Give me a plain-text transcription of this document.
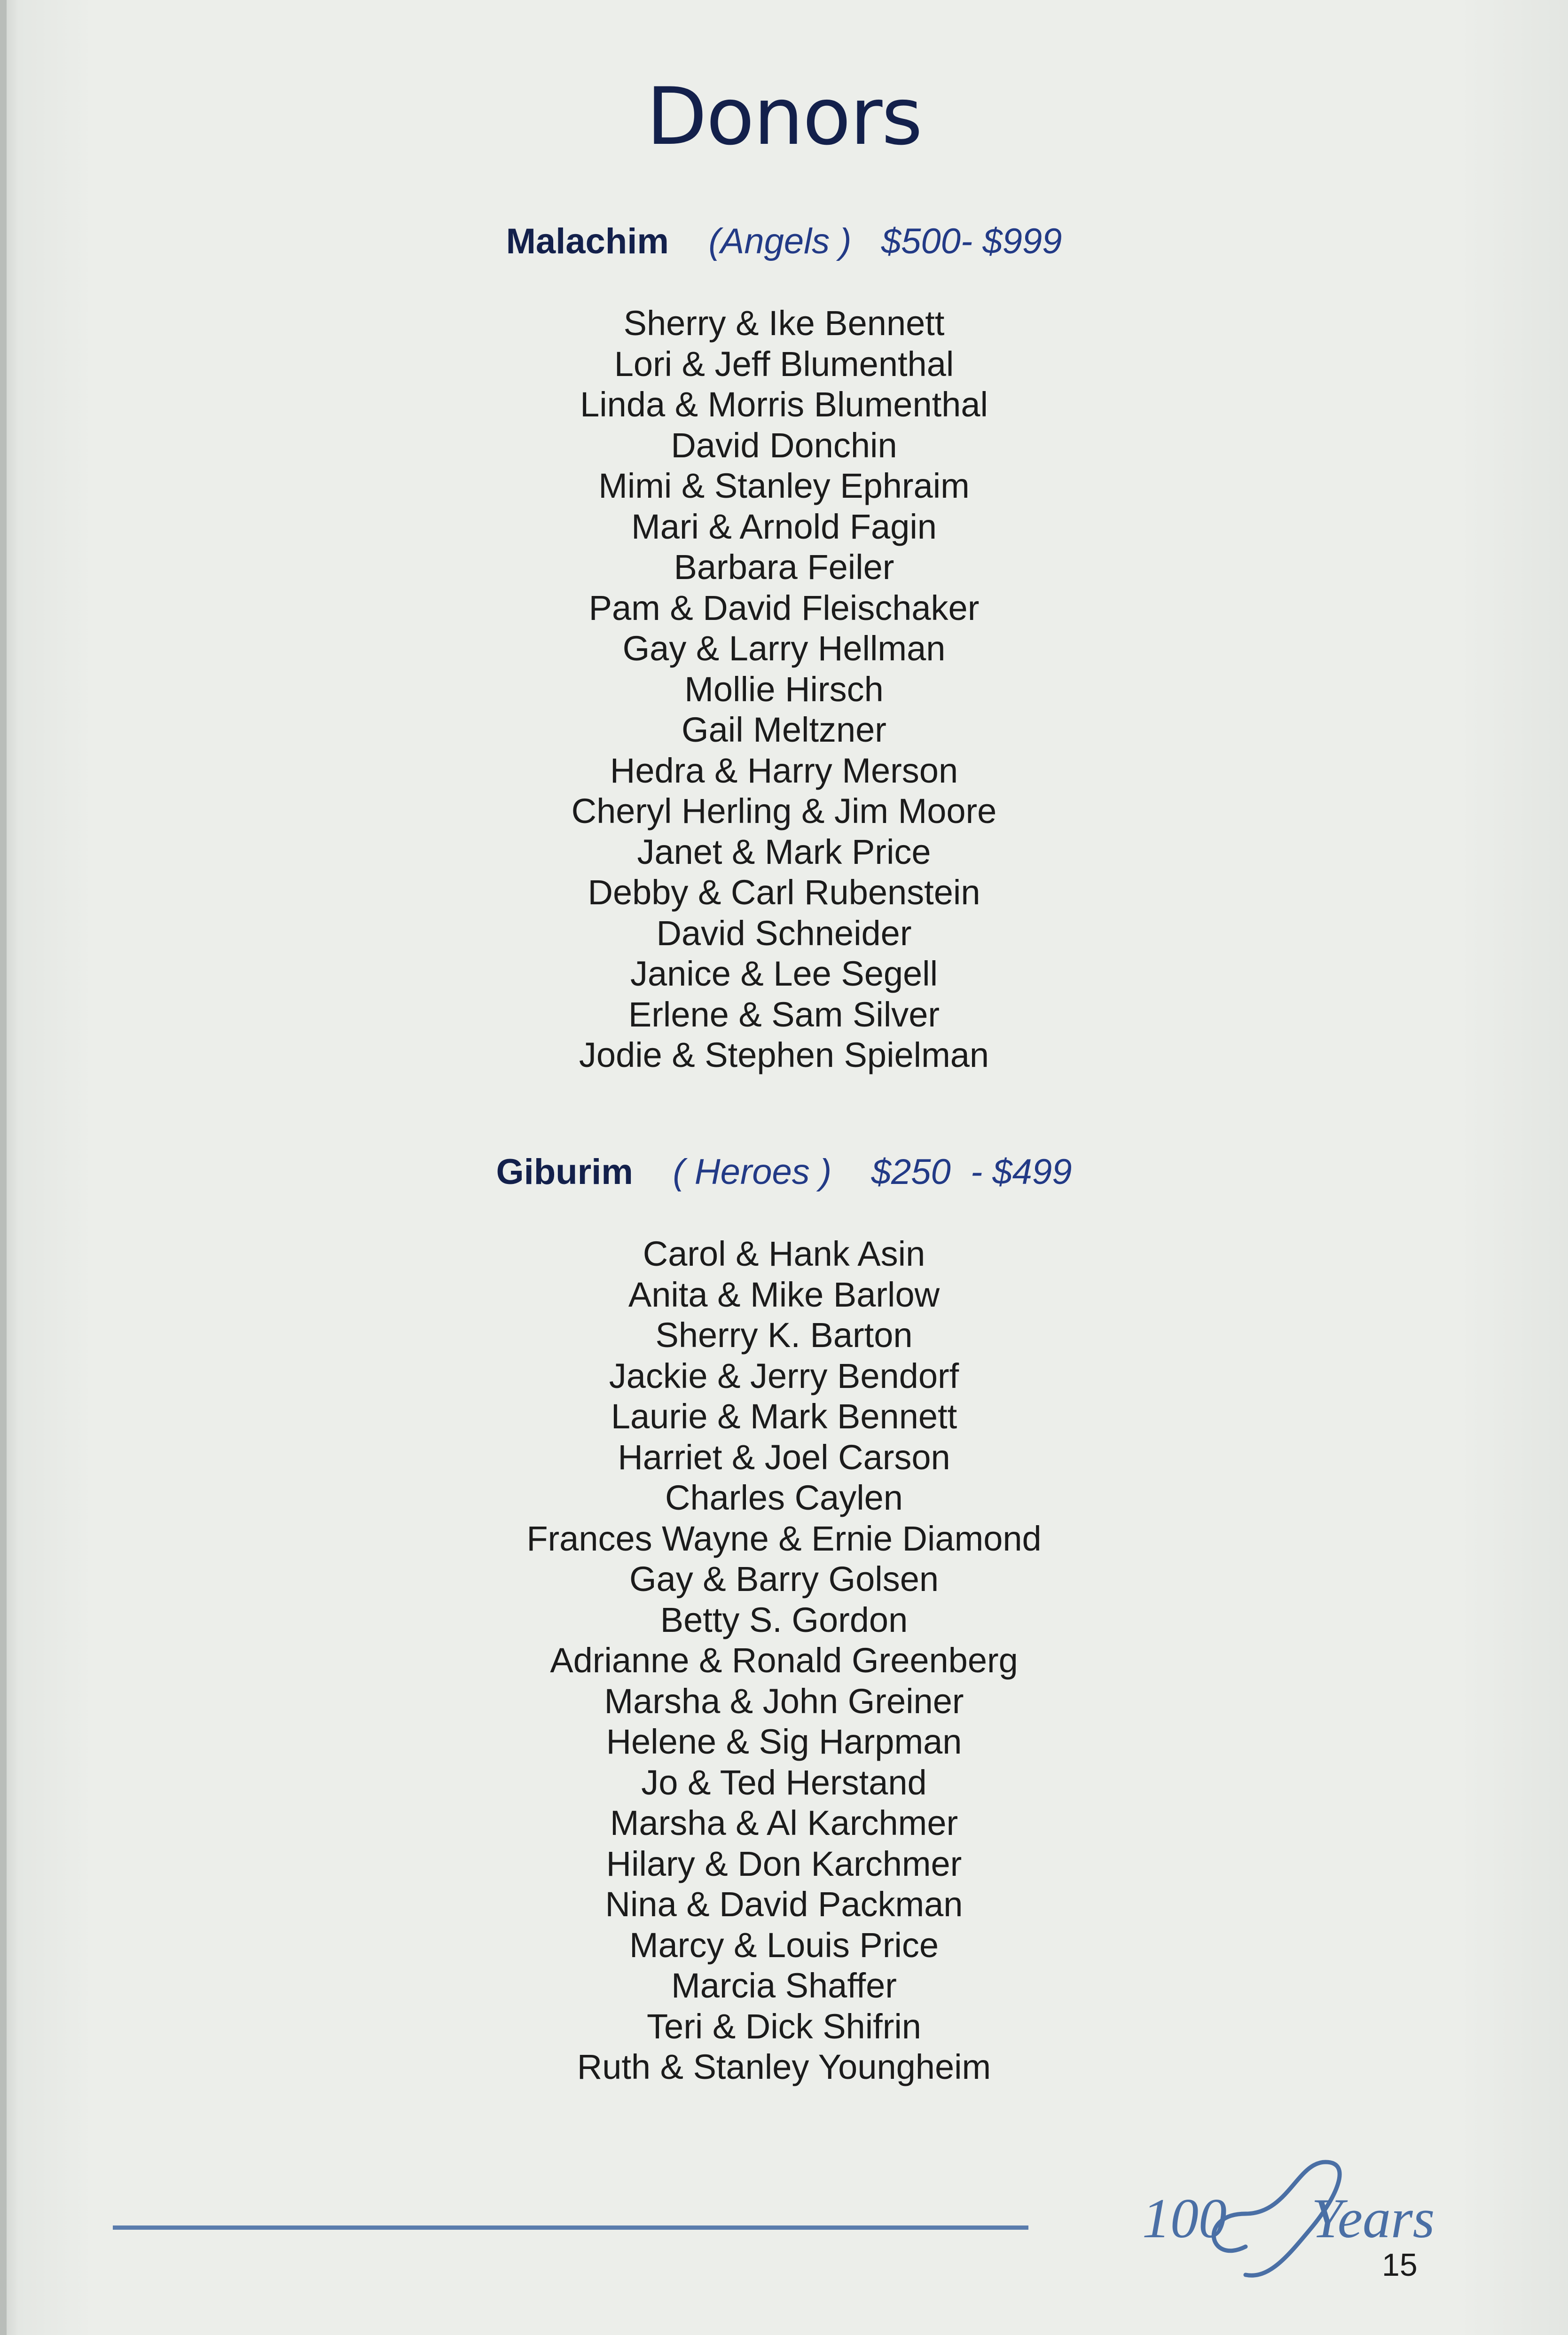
Donors
Malachim (Angels ) $500- $999
Sherry & Ike Bennett
Lori & Jeff Blumenthal
Linda & Morris Blumenthal
David Donchin
Mimi & Stanley Ephraim
Mari & Arnold Fagin
Barbara Feiler
Pam & David Fleischaker
Gay & Larry Hellman
Mollie Hirsch
Gail Meltzner
Hedra & Harry Merson
Cheryl Herling & Jim Moore
Janet & Mark Price
Debby & Carl Rubenstein
David Schneider
Janice & Lee Segell
Erlene & Sam Silver
Jodie & Stephen Spielman
Giburim ( Heroes ) $250  - $499
Carol & Hank Asin
Anita & Mike Barlow
Sherry K. Barton
Jackie & Jerry Bendorf
Laurie & Mark Bennett
Harriet & Joel Carson
Charles Caylen
Frances Wayne & Ernie Diamond
Gay & Barry Golsen
Betty S. Gordon
Adrianne & Ronald Greenberg
Marsha & John Greiner
Helene & Sig Harpman
Jo & Ted Herstand
Marsha & Al Karchmer
Hilary & Don Karchmer
Nina & David Packman
Marcy & Louis Price
Marcia Shaffer
Teri & Dick Shifrin
Ruth & Stanley Youngheim
100 Years
15
